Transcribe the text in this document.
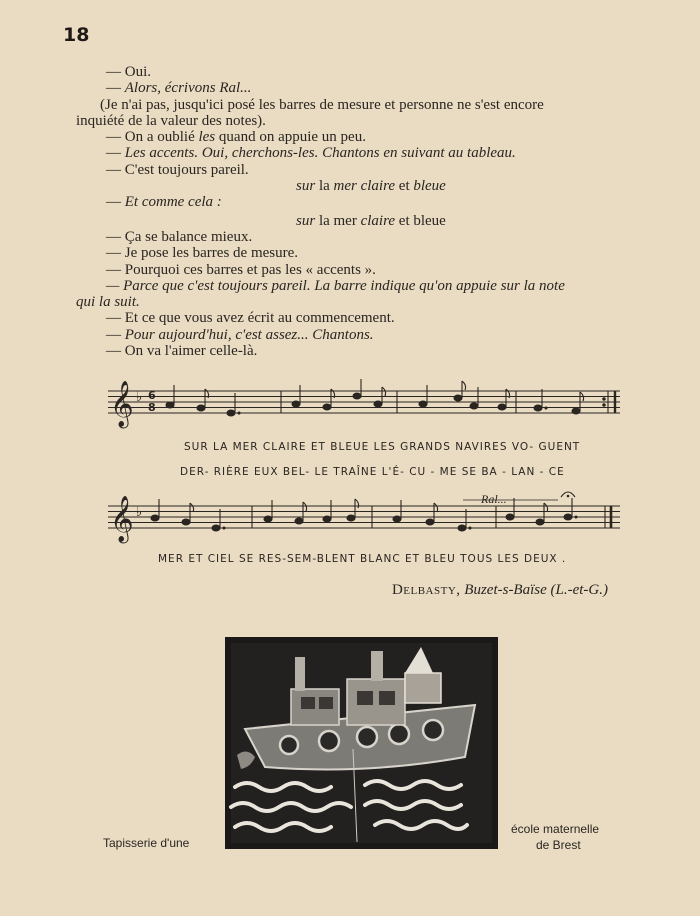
18
— Oui.
— Alors, écrivons Ral...
(Je n'ai pas, jusqu'ici posé les barres de mesure et personne ne s'est encore
inquiété de la valeur des notes).
— On a oublié les quand on appuie un peu.
— Les accents. Oui, cherchons-les. Chantons en suivant au tableau.
— C'est toujours pareil.
sur la mer claire et bleue
— Et comme cela :
sur la mer claire et bleue
— Ça se balance mieux.
— Je pose les barres de mesure.
— Pourquoi ces barres et pas les « accents ».
— Parce que c'est toujours pareil. La barre indique qu'on appuie sur la note
qui la suit.
— Et ce que vous avez écrit au commencement.
— Pour aujourd'hui, c'est assez... Chantons.
— On va l'aimer celle-là.
𝄞 ♭ 6
8
SUR LA MER CLAIRE ET BLEUE LES GRANDS NAVIRES VO- GUENT
DER- RIÈRE EUX BEL- LE TRAÎNE L'É- CU - ME SE BA - LAN - CE
Ral...
𝄞 ♭
MER ET CIEL SE RES-SEM-BLENT BLANC ET BLEU TOUS LES DEUX .
Delbasty, Buzet-s-Baïse (L.-et-G.)
Tapisserie d'une
école maternelle
de Brest
